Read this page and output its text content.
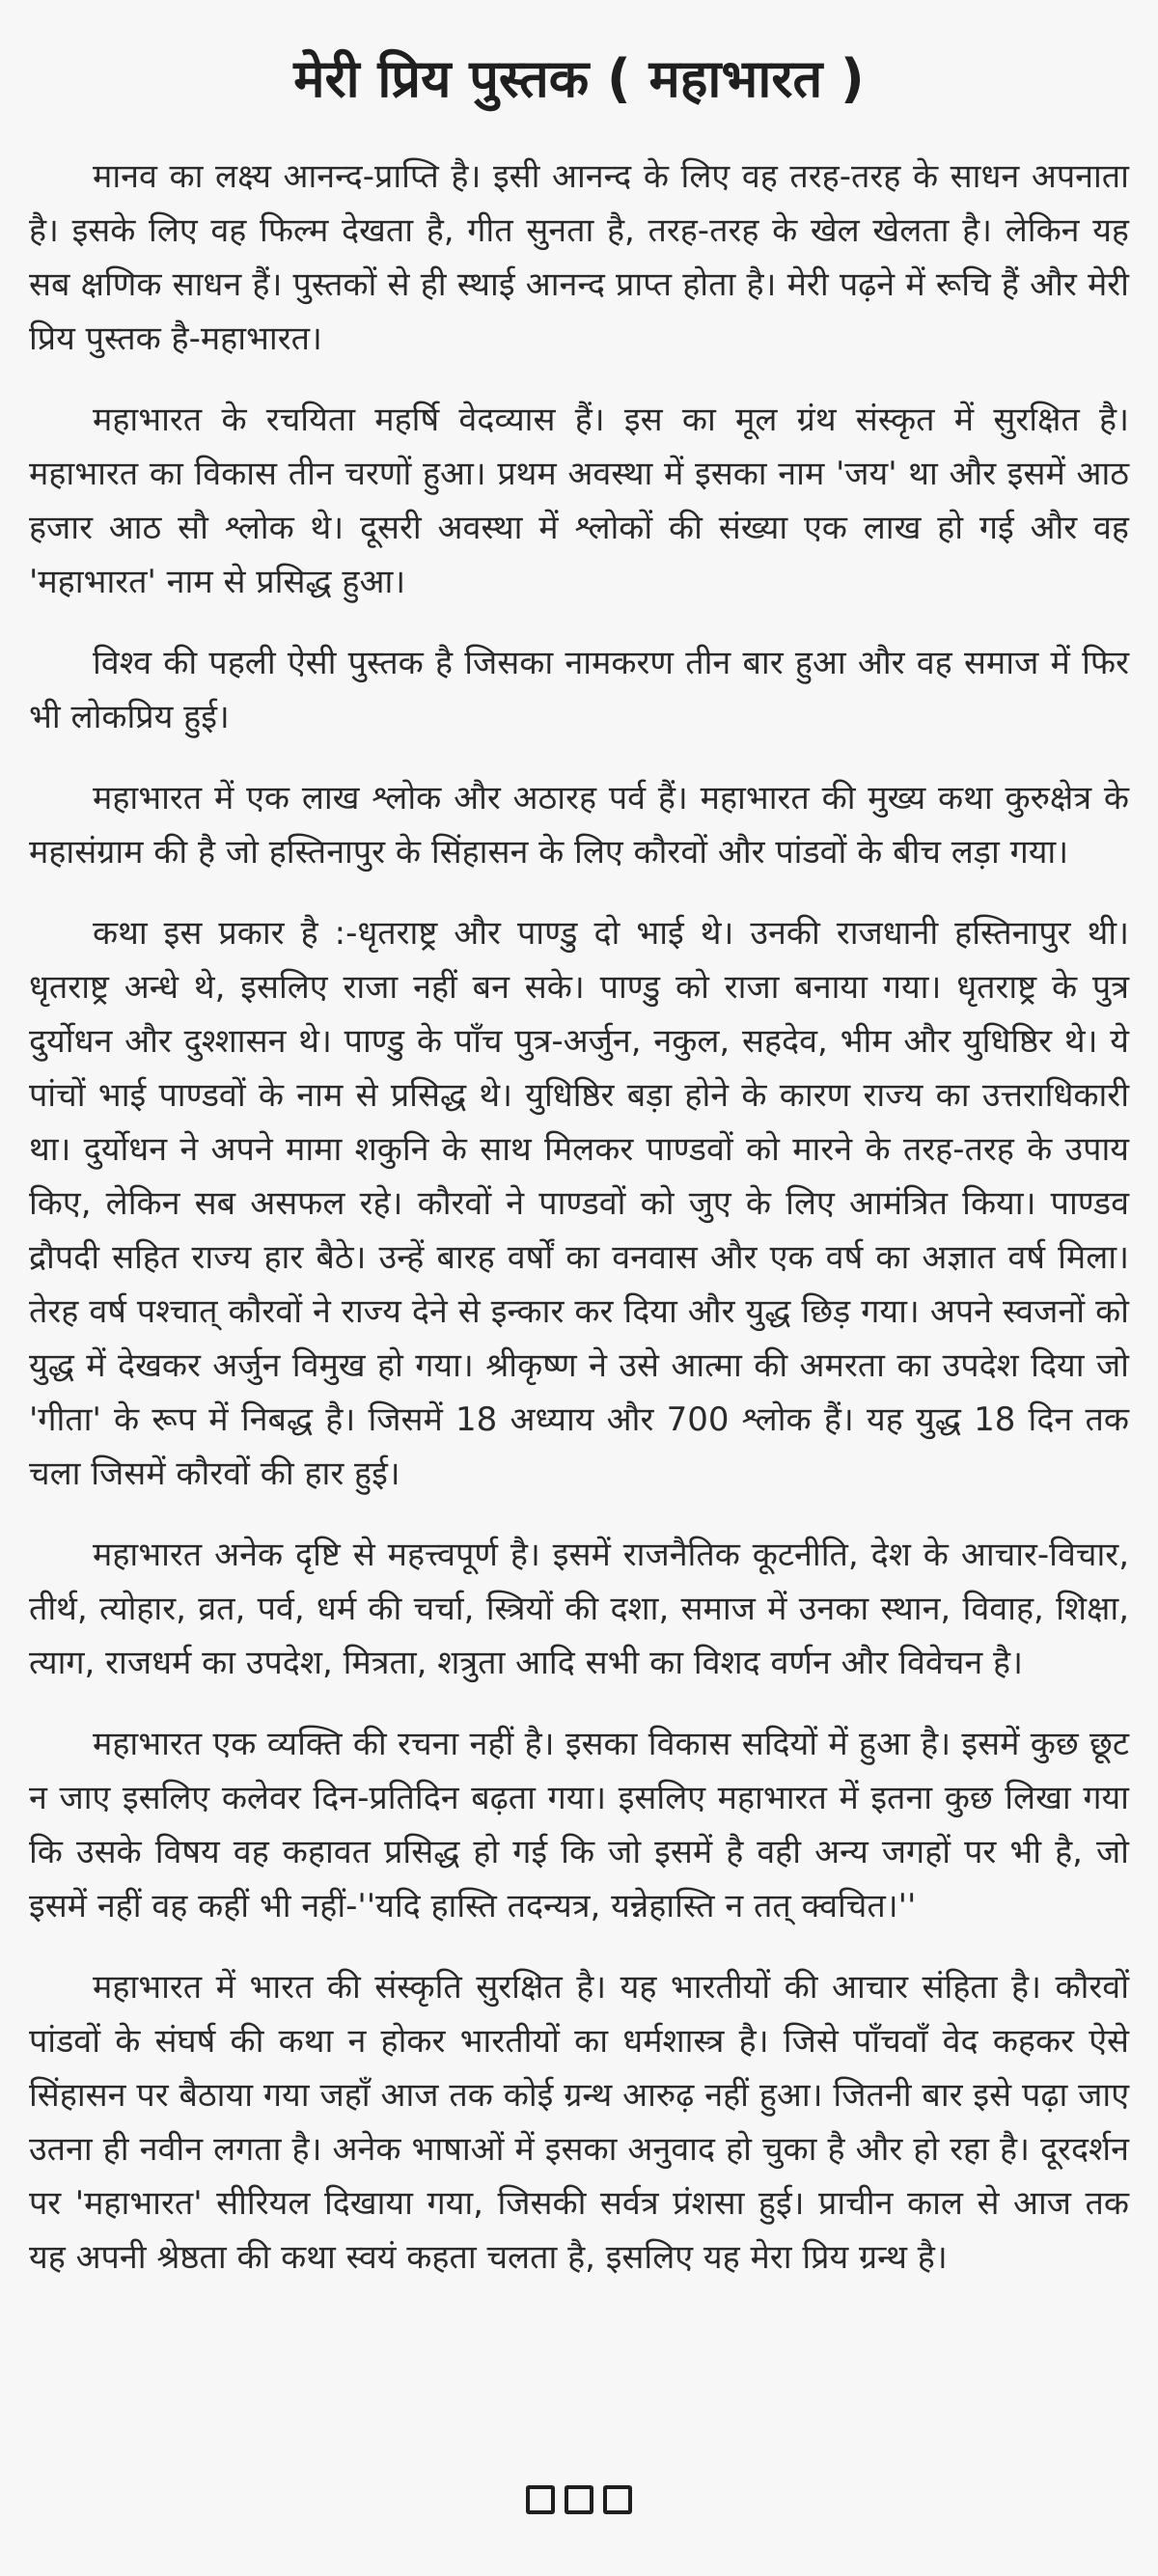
मेरी प्रिय पुस्तक ( महाभारत )

मानव का लक्ष्य आनन्द-प्राप्ति है। इसी आनन्द के लिए वह तरह-तरह के साधन अपनाता है। इसके लिए वह फिल्म देखता है, गीत सुनता है, तरह-तरह के खेल खेलता है। लेकिन यह सब क्षणिक साधन हैं। पुस्तकों से ही स्थाई आनन्द प्राप्त होता है। मेरी पढ़ने में रूचि हैं और मेरी प्रिय पुस्तक है-महाभारत।

महाभारत के रचयिता महर्षि वेदव्यास हैं। इस का मूल ग्रंथ संस्कृत में सुरक्षित है। महाभारत का विकास तीन चरणों हुआ। प्रथम अवस्था में इसका नाम 'जय' था और इसमें आठ हजार आठ सौ श्लोक थे। दूसरी अवस्था में श्लोकों की संख्या एक लाख हो गई और वह 'महाभारत' नाम से प्रसिद्ध हुआ।

विश्व की पहली ऐसी पुस्तक है जिसका नामकरण तीन बार हुआ और वह समाज में फिर भी लोकप्रिय हुई।

महाभारत में एक लाख श्लोक और अठारह पर्व हैं। महाभारत की मुख्य कथा कुरुक्षेत्र के महासंग्राम की है जो हस्तिनापुर के सिंहासन के लिए कौरवों और पांडवों के बीच लड़ा गया।

कथा इस प्रकार है :-धृतराष्ट्र और पाण्डु दो भाई थे। उनकी राजधानी हस्तिनापुर थी। धृतराष्ट्र अन्धे थे, इसलिए राजा नहीं बन सके। पाण्डु को राजा बनाया गया। धृतराष्ट्र के पुत्र दुर्योधन और दुश्शासन थे। पाण्डु के पाँच पुत्र-अर्जुन, नकुल, सहदेव, भीम और युधिष्ठिर थे। ये पांचों भाई पाण्डवों के नाम से प्रसिद्ध थे। युधिष्ठिर बड़ा होने के कारण राज्य का उत्तराधिकारी था। दुर्योधन ने अपने मामा शकुनि के साथ मिलकर पाण्डवों को मारने के तरह-तरह के उपाय किए, लेकिन सब असफल रहे। कौरवों ने पाण्डवों को जुए के लिए आमंत्रित किया। पाण्डव द्रौपदी सहित राज्य हार बैठे। उन्हें बारह वर्षों का वनवास और एक वर्ष का अज्ञात वर्ष मिला। तेरह वर्ष पश्चात् कौरवों ने राज्य देने से इन्कार कर दिया और युद्ध छिड़ गया। अपने स्वजनों को युद्ध में देखकर अर्जुन विमुख हो गया। श्रीकृष्ण ने उसे आत्मा की अमरता का उपदेश दिया जो 'गीता' के रूप में निबद्ध है। जिसमें 18 अध्याय और 700 श्लोक हैं। यह युद्ध 18 दिन तक चला जिसमें कौरवों की हार हुई।

महाभारत अनेक दृष्टि से महत्त्वपूर्ण है। इसमें राजनैतिक कूटनीति, देश के आचार-विचार, तीर्थ, त्योहार, व्रत, पर्व, धर्म की चर्चा, स्त्रियों की दशा, समाज में उनका स्थान, विवाह, शिक्षा, त्याग, राजधर्म का उपदेश, मित्रता, शत्रुता आदि सभी का विशद वर्णन और विवेचन है।

महाभारत एक व्यक्ति की रचना नहीं है। इसका विकास सदियों में हुआ है। इसमें कुछ छूट न जाए इसलिए कलेवर दिन-प्रतिदिन बढ़ता गया। इसलिए महाभारत में इतना कुछ लिखा गया कि उसके विषय वह कहावत प्रसिद्ध हो गई कि जो इसमें है वही अन्य जगहों पर भी है, जो इसमें नहीं वह कहीं भी नहीं-''यदि हास्ति तदन्यत्र, यन्नेहास्ति न तत् क्वचित।''

महाभारत में भारत की संस्कृति सुरक्षित है। यह भारतीयों की आचार संहिता है। कौरवों पांडवों के संघर्ष की कथा न होकर भारतीयों का धर्मशास्त्र है। जिसे पाँचवाँ वेद कहकर ऐसे सिंहासन पर बैठाया गया जहाँ आज तक कोई ग्रन्थ आरुढ़ नहीं हुआ। जितनी बार इसे पढ़ा जाए उतना ही नवीन लगता है। अनेक भाषाओं में इसका अनुवाद हो चुका है और हो रहा है। दूरदर्शन पर 'महाभारत' सीरियल दिखाया गया, जिसकी सर्वत्र प्रंशसा हुई। प्राचीन काल से आज तक यह अपनी श्रेष्ठता की कथा स्वयं कहता चलता है, इसलिए यह मेरा प्रिय ग्रन्थ है।
